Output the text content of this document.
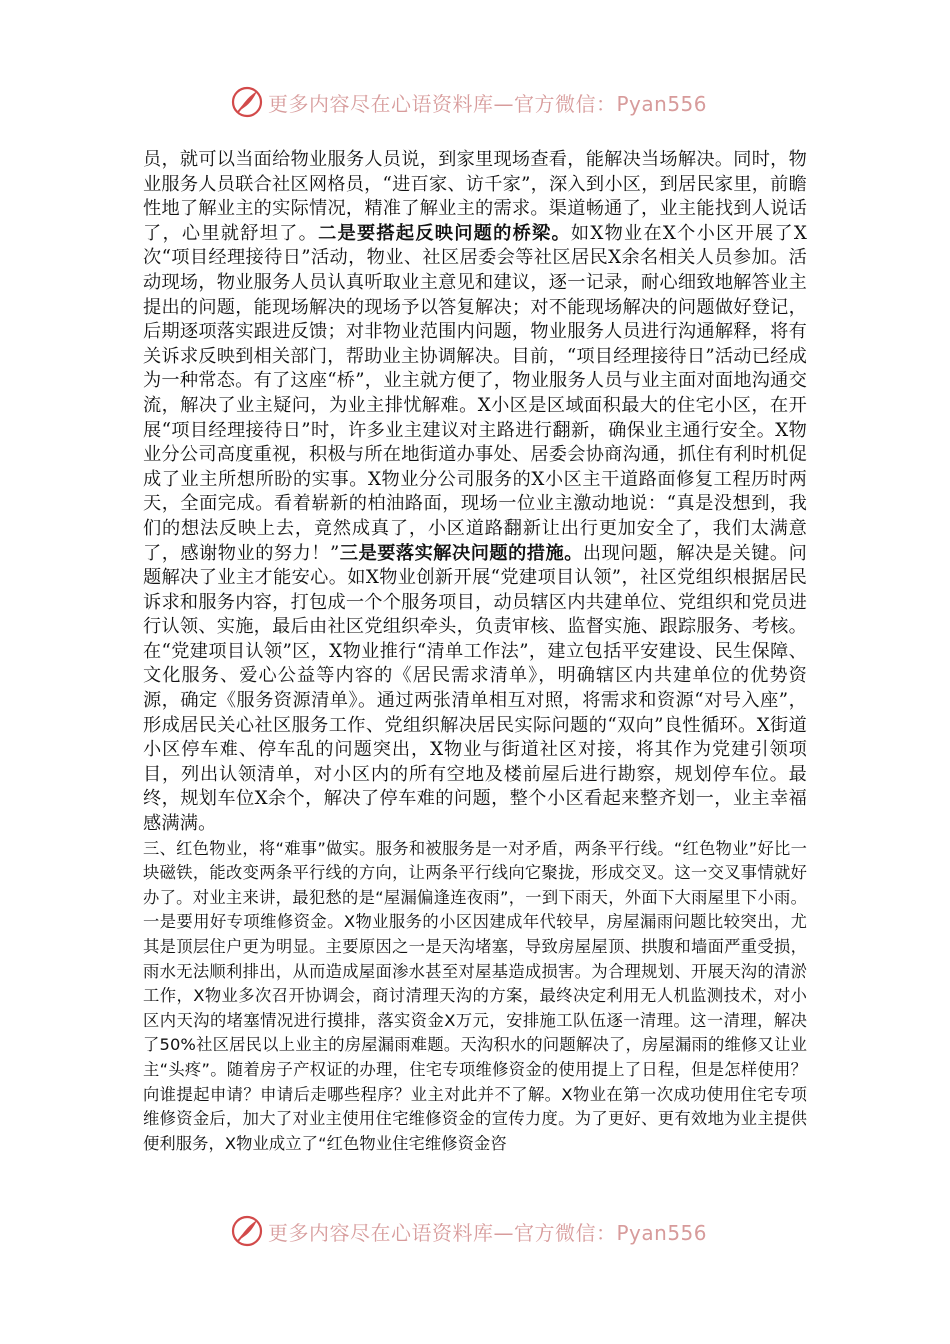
更多内容尽在心语资料库—官方微信：Pyan556

员，就可以当面给物业服务人员说，到家里现场查看，能解决当场解决。同时，物业服务人员联合社区网格员，“进百家、访千家”，深入到小区，到居民家里，前瞻性地了解业主的实际情况，精准了解业主的需求。渠道畅通了，业主能找到人说话了，心里就舒坦了。二是要搭起反映问题的桥梁。如X物业在X个小区开展了X次“项目经理接待日”活动，物业、社区居委会等社区居民X余名相关人员参加。活动现场，物业服务人员认真听取业主意见和建议，逐一记录，耐心细致地解答业主提出的问题，能现场解决的现场予以答复解决；对不能现场解决的问题做好登记，后期逐项落实跟进反馈；对非物业范围内问题，物业服务人员进行沟通解释，将有关诉求反映到相关部门，帮助业主协调解决。目前，“项目经理接待日”活动已经成为一种常态。有了这座“桥”，业主就方便了，物业服务人员与业主面对面地沟通交流，解决了业主疑问，为业主排忧解难。X小区是区域面积最大的住宅小区，在开展“项目经理接待日”时，许多业主建议对主路进行翻新，确保业主通行安全。X物业分公司高度重视，积极与所在地街道办事处、居委会协商沟通，抓住有利时机促成了业主所想所盼的实事。X物业分公司服务的X小区主干道路面修复工程历时两天，全面完成。看着崭新的柏油路面，现场一位业主激动地说：“真是没想到，我们的想法反映上去，竟然成真了，小区道路翻新让出行更加安全了，我们太满意了，感谢物业的努力！”三是要落实解决问题的措施。出现问题，解决是关键。问题解决了业主才能安心。如X物业创新开展“党建项目认领”，社区党组织根据居民诉求和服务内容，打包成一个个服务项目，动员辖区内共建单位、党组织和党员进行认领、实施，最后由社区党组织牵头，负责审核、监督实施、跟踪服务、考核。在“党建项目认领”区，X物业推行“清单工作法”，建立包括平安建设、民生保障、文化服务、爱心公益等内容的《居民需求清单》，明确辖区内共建单位的优势资源，确定《服务资源清单》。通过两张清单相互对照，将需求和资源“对号入座”，形成居民关心社区服务工作、党组织解决居民实际问题的“双向”良性循环。X街道小区停车难、停车乱的问题突出，X物业与街道社区对接，将其作为党建引领项目，列出认领清单，对小区内的所有空地及楼前屋后进行勘察，规划停车位。最终，规划车位X余个，解决了停车难的问题，整个小区看起来整齐划一，业主幸福感满满。

三、红色物业，将“难事”做实。服务和被服务是一对矛盾，两条平行线。“红色物业”好比一块磁铁，能改变两条平行线的方向，让两条平行线向它聚拢，形成交叉。这一交叉事情就好办了。对业主来讲，最犯愁的是“屋漏偏逢连夜雨”，一到下雨天，外面下大雨屋里下小雨。一是要用好专项维修资金。X物业服务的小区因建成年代较早，房屋漏雨问题比较突出，尤其是顶层住户更为明显。主要原因之一是天沟堵塞，导致房屋屋顶、拱腹和墙面严重受损，雨水无法顺利排出，从而造成屋面渗水甚至对屋基造成损害。为合理规划、开展天沟的清淤工作，X物业多次召开协调会，商讨清理天沟的方案，最终决定利用无人机监测技术，对小区内天沟的堵塞情况进行摸排，落实资金X万元，安排施工队伍逐一清理。这一清理，解决了50%社区居民以上业主的房屋漏雨难题。天沟积水的问题解决了，房屋漏雨的维修又让业主“头疼”。随着房子产权证的办理，住宅专项维修资金的使用提上了日程，但是怎样使用？向谁提起申请？申请后走哪些程序？业主对此并不了解。X物业在第一次成功使用住宅专项维修资金后，加大了对业主使用住宅维修资金的宣传力度。为了更好、更有效地为业主提供便利服务，X物业成立了“红色物业住宅维修资金咨

更多内容尽在心语资料库—官方微信：Pyan556
